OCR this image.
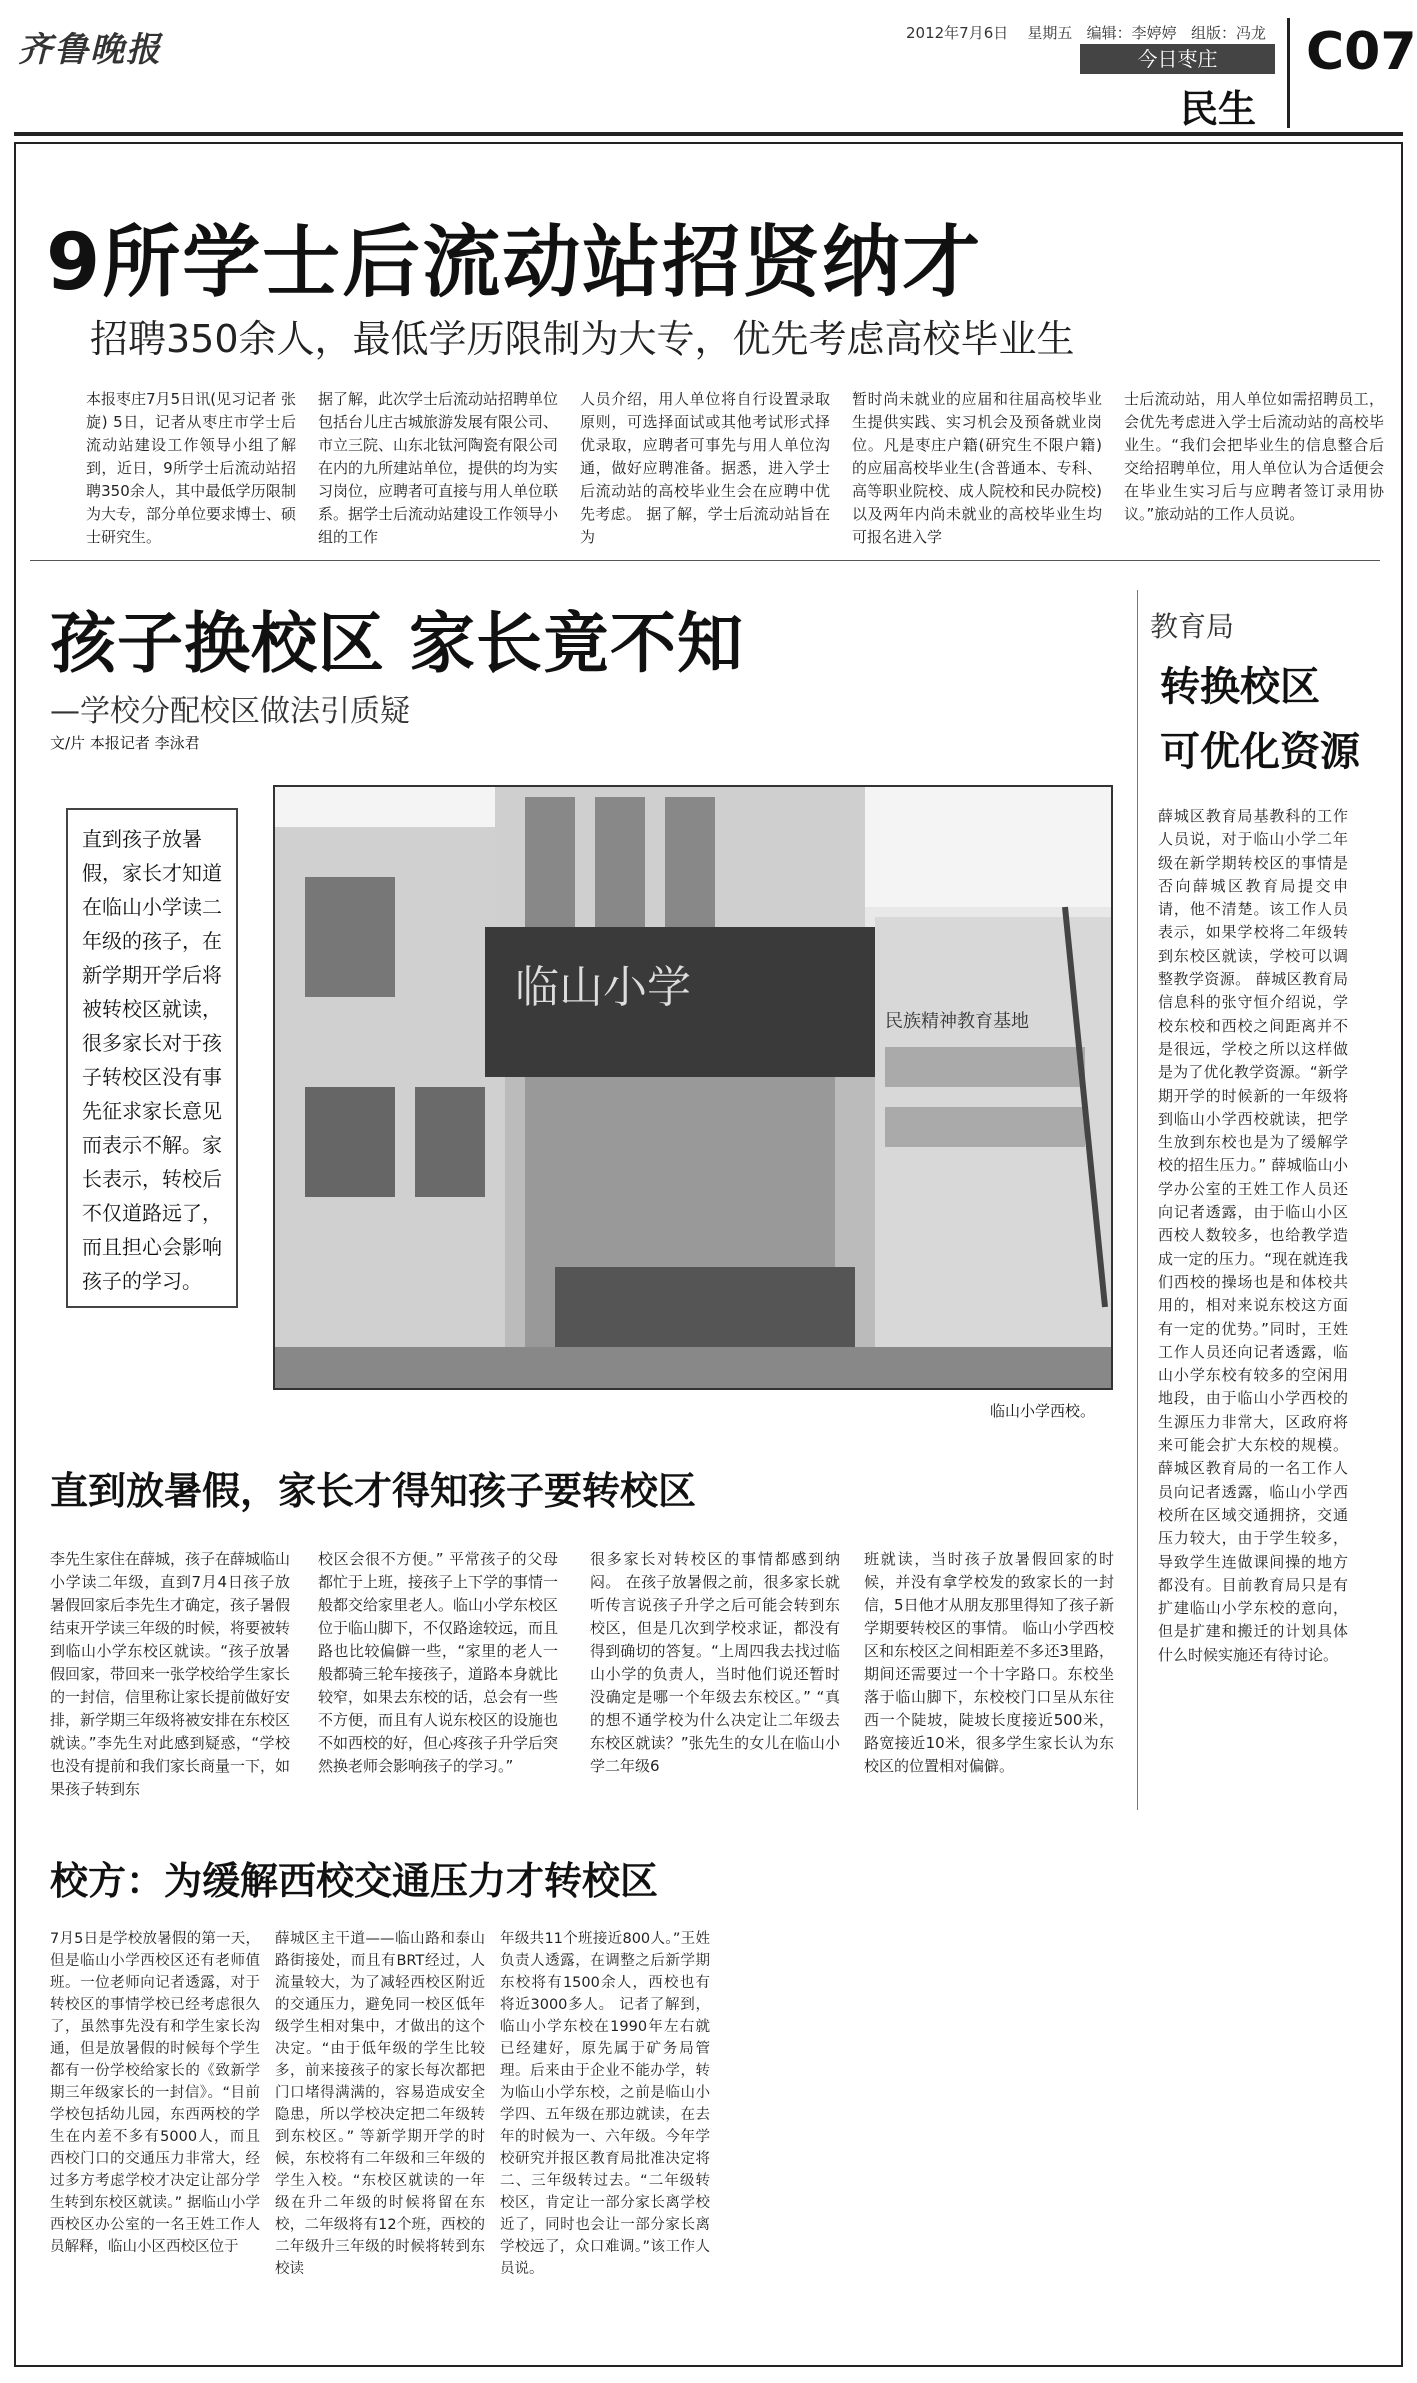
齐鲁晚报	2012年7月6日 星期五 编辑：李婷婷 组版：冯龙
今日枣庄
民生
C07
9所学士后流动站招贤纳才
招聘350余人，最低学历限制为大专，优先考虑高校毕业生
本报枣庄7月5日讯(见习记者 张旋) 5日，记者从枣庄市学士后流动站建设工作领导小组了解到，近日，9所学士后流动站招聘350余人，其中最低学历限制为大专，部分单位要求博士、硕士研究生。
据了解，此次学士后流动站招聘单位包括台儿庄古城旅游发展有限公司、市立三院、山东北钛河陶瓷有限公司在内的九所建站单位，提供的均为实习岗位，应聘者可直接与用人单位联系。据学士后流动站建设工作领导小组的工作
人员介绍，用人单位将自行设置录取原则，可选择面试或其他考试形式择优录取，应聘者可事先与用人单位沟通，做好应聘准备。据悉，进入学士后流动站的高校毕业生会在应聘中优先考虑。 据了解，学士后流动站旨在为
暂时尚未就业的应届和往届高校毕业生提供实践、实习机会及预备就业岗位。凡是枣庄户籍(研究生不限户籍)的应届高校毕业生(含普通本、专科、高等职业院校、成人院校和民办院校)以及两年内尚未就业的高校毕业生均可报名进入学
士后流动站，用人单位如需招聘员工，会优先考虑进入学士后流动站的高校毕业生。“我们会把毕业生的信息整合后交给招聘单位，用人单位认为合适便会在毕业生实习后与应聘者签订录用协议。”旅动站的工作人员说。
孩子换校区 家长竟不知
—学校分配校区做法引质疑
文/片 本报记者 李泳君
教育局
转换校区
可优化资源
薛城区教育局基教科的工作人员说，对于临山小学二年级在新学期转校区的事情是否向薛城区教育局提交申请，他不清楚。该工作人员表示，如果学校将二年级转到东校区就读，学校可以调整教学资源。 薛城区教育局信息科的张守恒介绍说，学校东校和西校之间距离并不是很远，学校之所以这样做是为了优化教学资源。“新学期开学的时候新的一年级将到临山小学西校就读，把学生放到东校也是为了缓解学校的招生压力。” 薛城临山小学办公室的王姓工作人员还向记者透露，由于临山小区西校人数较多，也给教学造成一定的压力。“现在就连我们西校的操场也是和体校共用的，相对来说东校这方面有一定的优势。”同时，王姓工作人员还向记者透露，临山小学东校有较多的空闲用地段，由于临山小学西校的生源压力非常大，区政府将来可能会扩大东校的规模。 薛城区教育局的一名工作人员向记者透露，临山小学西校所在区域交通拥挤，交通压力较大，由于学生较多，导致学生连做课间操的地方都没有。目前教育局只是有扩建临山小学东校的意向，但是扩建和搬迁的计划具体什么时候实施还有待讨论。
直到孩子放暑假，家长才知道在临山小学读二年级的孩子，在新学期开学后将被转校区就读，很多家长对于孩子转校区没有事先征求家长意见而表示不解。家长表示，转校后不仅道路远了，而且担心会影响孩子的学习。
临山小学
民族精神教育基地
临山小学西校。
直到放暑假，家长才得知孩子要转校区
李先生家住在薛城，孩子在薛城临山小学读二年级，直到7月4日孩子放暑假回家后李先生才确定，孩子暑假结束开学读三年级的时候，将要被转到临山小学东校区就读。“孩子放暑假回家，带回来一张学校给学生家长的一封信，信里称让家长提前做好安排，新学期三年级将被安排在东校区就读。”李先生对此感到疑惑，“学校也没有提前和我们家长商量一下，如果孩子转到东
校区会很不方便。” 平常孩子的父母都忙于上班，接孩子上下学的事情一般都交给家里老人。临山小学东校区位于临山脚下，不仅路途较远，而且路也比较偏僻一些，“家里的老人一般都骑三轮车接孩子，道路本身就比较窄，如果去东校的话，总会有一些不方便，而且有人说东校区的设施也不如西校的好，但心疼孩子升学后突然换老师会影响孩子的学习。”
很多家长对转校区的事情都感到纳闷。 在孩子放暑假之前，很多家长就听传言说孩子升学之后可能会转到东校区，但是几次到学校求证，都没有得到确切的答复。“上周四我去找过临山小学的负责人，当时他们说还暂时没确定是哪一个年级去东校区。” “真的想不通学校为什么决定让二年级去东校区就读？”张先生的女儿在临山小学二年级6
班就读，当时孩子放暑假回家的时候，并没有拿学校发的致家长的一封信，5日他才从朋友那里得知了孩子新学期要转校区的事情。 临山小学西校区和东校区之间相距差不多还3里路，期间还需要过一个十字路口。东校坐落于临山脚下，东校校门口呈从东往西一个陡坡，陡坡长度接近500米，路宽接近10米，很多学生家长认为东校区的位置相对偏僻。
校方：为缓解西校交通压力才转校区
7月5日是学校放暑假的第一天，但是临山小学西校区还有老师值班。一位老师向记者透露，对于转校区的事情学校已经考虑很久了，虽然事先没有和学生家长沟通，但是放暑假的时候每个学生都有一份学校给家长的《致新学期三年级家长的一封信》。“目前学校包括幼儿园，东西两校的学生在内差不多有5000人，而且西校门口的交通压力非常大，经过多方考虑学校才决定让部分学生转到东校区就读。” 据临山小学西校区办公室的一名王姓工作人员解释，临山小区西校区位于
薛城区主干道——临山路和泰山路街接处，而且有BRT经过，人流量较大，为了减轻西校区附近的交通压力，避免同一校区低年级学生相对集中，才做出的这个决定。“由于低年级的学生比较多，前来接孩子的家长每次都把门口堵得满满的，容易造成安全隐患，所以学校决定把二年级转到东校区。” 等新学期开学的时候，东校将有二年级和三年级的学生入校。“东校区就读的一年级在升二年级的时候将留在东校，二年级将有12个班，西校的二年级升三年级的时候将转到东校读
年级共11个班接近800人。”王姓负责人透露，在调整之后新学期东校将有1500余人，西校也有将近3000多人。 记者了解到，临山小学东校在1990年左右就已经建好，原先属于矿务局管理。后来由于企业不能办学，转为临山小学东校，之前是临山小学四、五年级在那边就读，在去年的时候为一、六年级。今年学校研究并报区教育局批准决定将二、三年级转过去。“二年级转校区，肯定让一部分家长离学校近了，同时也会让一部分家长离学校远了，众口难调。”该工作人员说。
